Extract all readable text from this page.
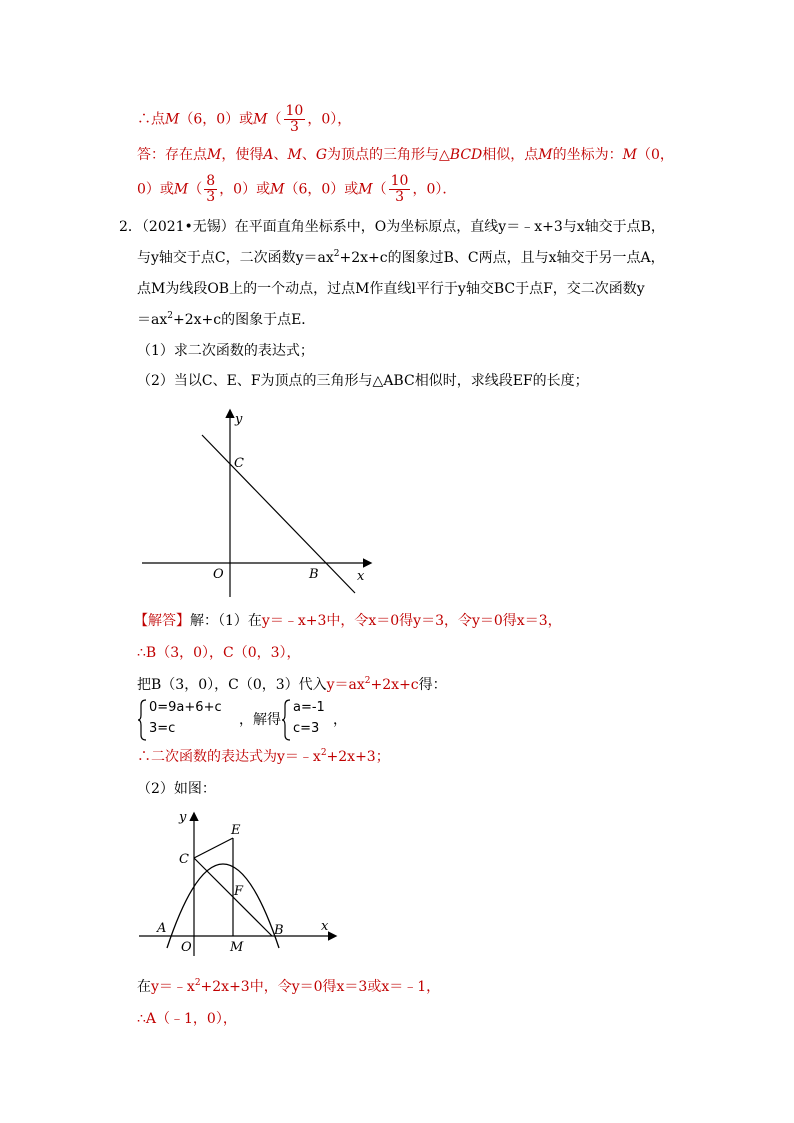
∴点M（6，0）或$M( \frac{10}{3}$ ，0），
答：存在点M，使得A、M、G为顶点的三角形与△BCD相似，点M的坐标为：M（0，
0）或$M( \frac{8}{3}$ ，0）或M（6，0）或$M( \frac{10}{3}$ ，0）．
2．（2021•无锡）在平面直角坐标系中，O为坐标原点，直线y＝﹣x+3与x轴交于点B，
与y轴交于点C，二次函数$y=ax^2+2x+c$的图象过B、C两点，且与x轴交于另一点A，
点M为线段OB上的一个动点，过点M作直线l平行于y轴交BC于点F，交二次函数y
$=ax^2+2x+c$的图象于点E．
（1）求二次函数的表达式；
（2）当以C、E、F为顶点的三角形与△ABC相似时，求线段EF的长度；
y
C
O	B	x
【解答】解：（1）在y＝﹣x+3中，令x＝0得y＝3，令y＝0得x＝3，
∴B（3，0），C（0，3），
把B（3，0），C（0，3）代入$y=ax^2+2x+c$得：
0=9a+6+c
3=c
，解得
a=-1
c=3
，
∴二次函数的表达式为$y=﹣x^2+2x+3$；
（2）如图：
y
E
C
F
A
O	M
B	x
在$y=﹣x^2+2x+3$中，令y＝0得x＝3或x＝﹣1，
∴A（﹣1，0），
